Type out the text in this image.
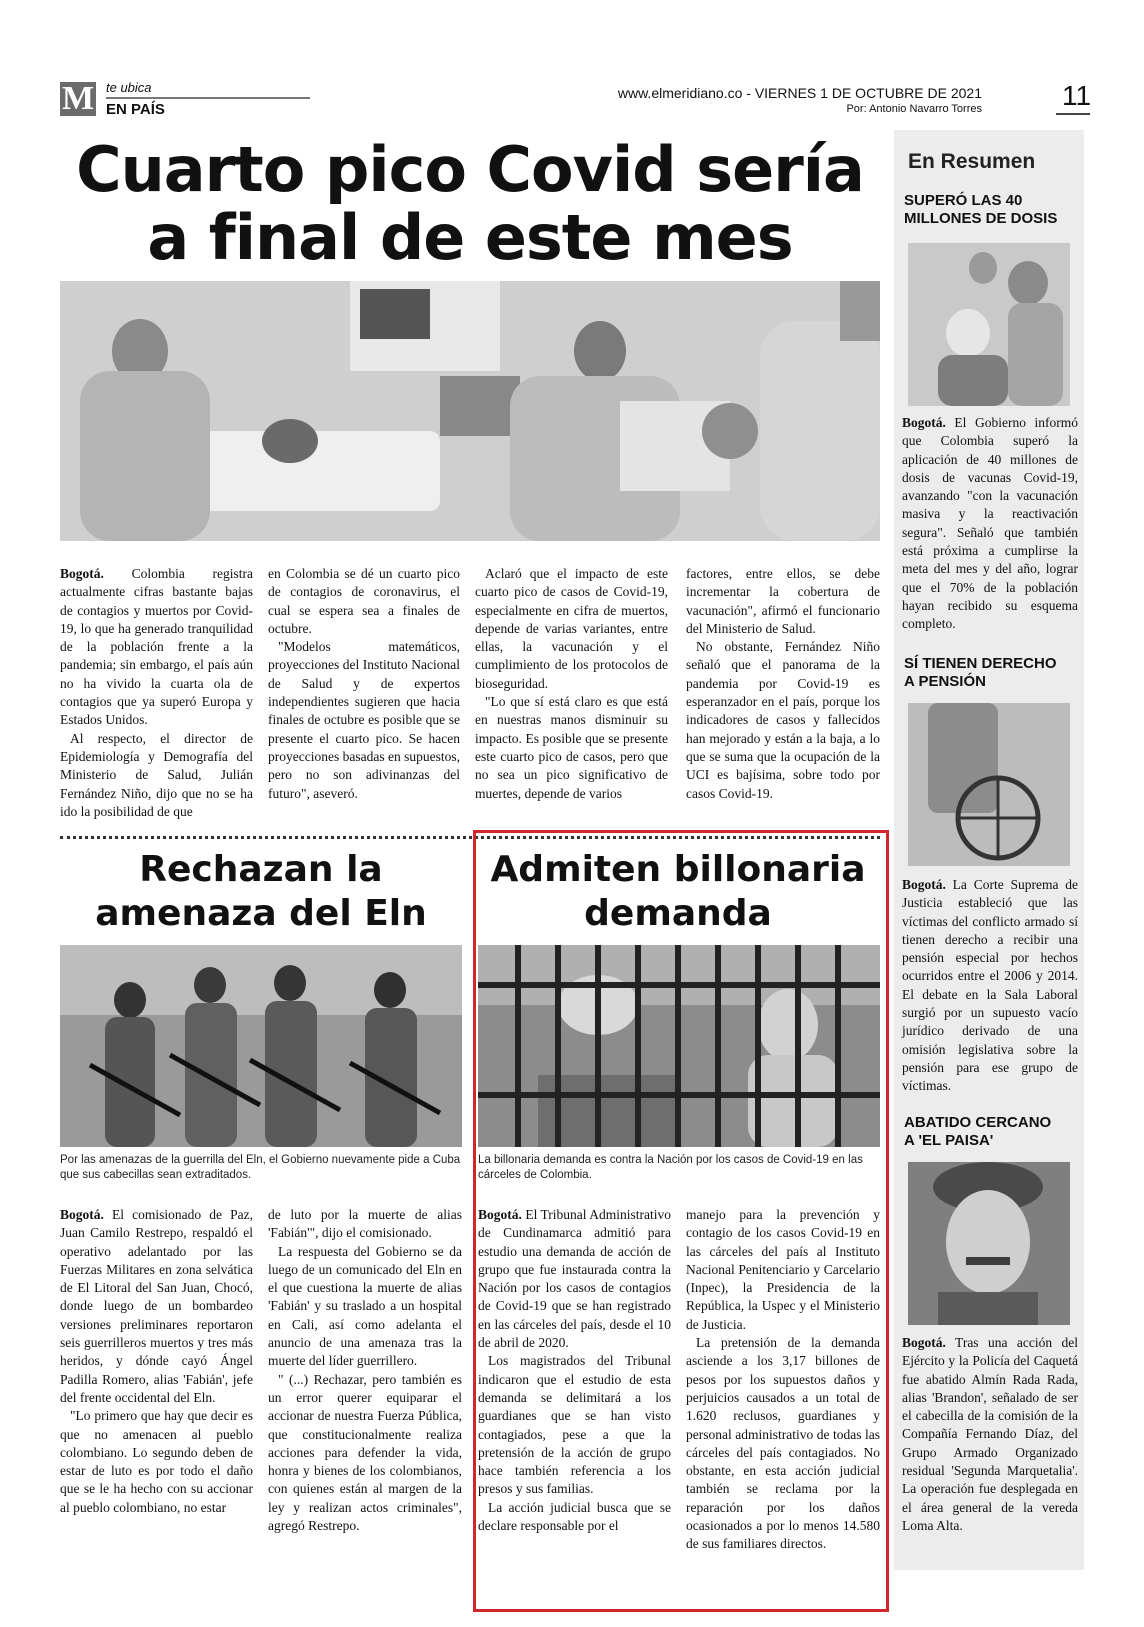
M te ubica
EN PAÍS
www.elmeridiano.co - VIERNES 1 DE OCTUBRE DE 2021
Por: Antonio Navarro Torres	11
Cuarto pico Covid sería a final de este mes

Bogotá. Colombia registra actualmente cifras bastante bajas de contagios y muertos por Covid-19, lo que ha generado tranquilidad de la población frente a la pandemia; sin embargo, el país aún no ha vivido la cuarta ola de contagios que ya superó Europa y Estados Unidos.

Al respecto, el director de Epidemiología y Demografía del Ministerio de Salud, Julián Fernández Niño, dijo que no se ha ido la posibilidad de que

en Colombia se dé un cuarto pico de contagios de coronavirus, el cual se espera sea a finales de octubre.

"Modelos matemáticos, proyecciones del Instituto Nacional de Salud y de expertos independientes sugieren que hacia finales de octubre es posible que se presente el cuarto pico. Se hacen proyecciones basadas en supuestos, pero no son adivinanzas del futuro", aseveró.

Aclaró que el impacto de este cuarto pico de casos de Covid-19, especialmente en cifra de muertos, depende de varias variantes, entre ellas, la vacunación y el cumplimiento de los protocolos de bioseguridad.

"Lo que sí está claro es que está en nuestras manos disminuir su impacto. Es posible que se presente este cuarto pico de casos, pero que no sea un pico significativo de muertes, depende de varios

factores, entre ellos, se debe incrementar la cobertura de vacunación", afirmó el funcionario del Ministerio de Salud.

No obstante, Fernández Niño señaló que el panorama de la pandemia por Covid-19 es esperanzador en el país, porque los indicadores de casos y fallecidos han mejorado y están a la baja, a lo que se suma que la ocupación de la UCI es bajísima, sobre todo por casos Covid-19.

Rechazan la amenaza del Eln
Por las amenazas de la guerrilla del Eln, el Gobierno nuevamente pide a Cuba que sus cabecillas sean extraditados.

Bogotá. El comisionado de Paz, Juan Camilo Restrepo, respaldó el operativo adelantado por las Fuerzas Militares en zona selvática de El Litoral del San Juan, Chocó, donde luego de un bombardeo versiones preliminares reportaron seis guerrilleros muertos y tres más heridos, y dónde cayó Ángel Padilla Romero, alias 'Fabián', jefe del frente occidental del Eln.

"Lo primero que hay que decir es que no amenacen al pueblo colombiano. Lo segundo deben de estar de luto es por todo el daño que se le ha hecho con su accionar al pueblo colombiano, no estar

de luto por la muerte de alias 'Fabián'", dijo el comisionado.

La respuesta del Gobierno se da luego de un comunicado del Eln en el que cuestiona la muerte de alias 'Fabián' y su traslado a un hospital en Cali, así como adelanta el anuncio de una amenaza tras la muerte del líder guerrillero.

" (...) Rechazar, pero también es un error querer equiparar el accionar de nuestra Fuerza Pública, que constitucionalmente realiza acciones para defender la vida, honra y bienes de los colombianos, con quienes están al margen de la ley y realizan actos criminales", agregó Restrepo.

Admiten billonaria demanda
La billonaria demanda es contra la Nación por los casos de Covid-19 en las cárceles de Colombia.

Bogotá. El Tribunal Administrativo de Cundinamarca admitió para estudio una demanda de acción de grupo que fue instaurada contra la Nación por los casos de contagios de Covid-19 que se han registrado en las cárceles del país, desde el 10 de abril de 2020.

Los magistrados del Tribunal indicaron que el estudio de esta demanda se delimitará a los guardianes que se han visto contagiados, pese a que la pretensión de la acción de grupo hace también referencia a los presos y sus familias.

La acción judicial busca que se declare responsable por el

manejo para la prevención y contagio de los casos Covid-19 en las cárceles del país al Instituto Nacional Penitenciario y Carcelario (Inpec), la Presidencia de la República, la Uspec y el Ministerio de Justicia.

La pretensión de la demanda asciende a los 3,17 billones de pesos por los supuestos daños y perjuicios causados a un total de 1.620 reclusos, guardianes y personal administrativo de todas las cárceles del país contagiados. No obstante, en esta acción judicial también se reclama por la reparación por los daños ocasionados a por lo menos 14.580 de sus familiares directos.

En Resumen
SUPERÓ LAS 40 MILLONES DE DOSIS
Bogotá. El Gobierno informó que Colombia superó la aplicación de 40 millones de dosis de vacunas Covid-19, avanzando "con la vacunación masiva y la reactivación segura". Señaló que también está próxima a cumplirse la meta del mes y del año, lograr que el 70% de la población hayan recibido su esquema completo.
SÍ TIENEN DERECHO A PENSIÓN
Bogotá. La Corte Suprema de Justicia estableció que las víctimas del conflicto armado sí tienen derecho a recibir una pensión especial por hechos ocurridos entre el 2006 y 2014. El debate en la Sala Laboral surgió por un supuesto vacío jurídico derivado de una omisión legislativa sobre la pensión para ese grupo de víctimas.
ABATIDO CERCANO A 'EL PAISA'
Bogotá. Tras una acción del Ejército y la Policía del Caquetá fue abatido Almín Rada Rada, alias 'Brandon', señalado de ser el cabecilla de la comisión de la Compañía Fernando Díaz, del Grupo Armado Organizado residual 'Segunda Marquetalia'. La operación fue desplegada en el área general de la vereda Loma Alta.
